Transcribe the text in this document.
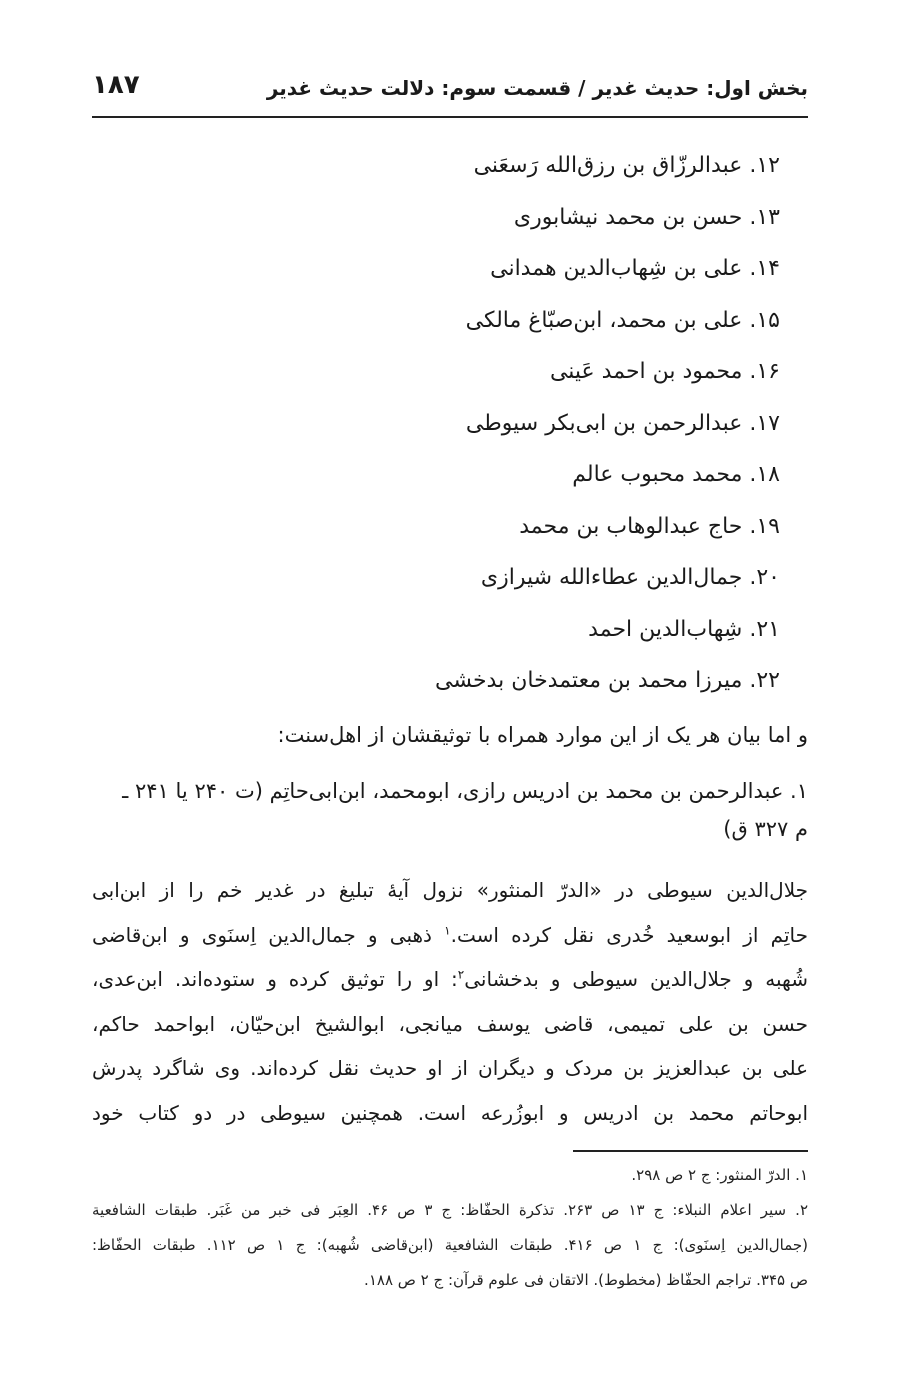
بخش اول: حدیث غدیر / قسمت سوم: دلالت حدیث غدیر
۱۸۷
۱۲. عبدالرزّاق بن رزق‌الله رَسعَنی
۱۳. حسن بن محمد نیشابوری
۱۴. علی بن شِهاب‌الدین همدانی
۱۵. علی بن محمد، ابن‌صبّاغ مالکی
۱۶. محمود بن احمد عَینی
۱۷. عبدالرحمن بن ابی‌بکر سیوطی
۱۸. محمد محبوب عالم
۱۹. حاج عبدالوهاب بن محمد
۲۰. جمال‌الدین عطاءالله شیرازی
۲۱. شِهاب‌الدین احمد
۲۲. میرزا محمد بن معتمدخان بدخشی
و اما بیان هر یک از این موارد همراه با توثیقشان از اهل‌سنت:
۱. عبدالرحمن بن محمد بن ادریس رازی، ابومحمد، ابن‌ابی‌حاتِم (ت ۲۴۰ یا ۲۴۱ ـ
م ۳۲۷ ق)
جلال‌الدین سیوطی در «الدرّ المنثور» نزول آیهٔ تبلیغ در غدیر خم را از ابن‌ابی
حاتِم از ابوسعید خُدری نقل کرده است.$^۱$ ذهبی و جمال‌الدین اِسنَوی و ابن‌قاضی
شُهبه و جلال‌الدین سیوطی و بدخشانی$^۲$: او را توثیق کرده و ستوده‌اند. ابن‌عدی،
حسن بن علی تمیمی، قاضی یوسف میانجی، ابوالشیخ ابن‌حیّان، ابواحمد حاکم،
علی بن عبدالعزیز بن مردک و دیگران از او حدیث نقل کرده‌اند. وی شاگرد پدرش
ابوحاتم محمد بن ادریس و ابوزُرعه است. همچنین سیوطی در دو کتاب خود
۱. الدرّ المنثور: ج ۲ ص ۲۹۸.
۲. سیر اعلام النبلاء: ج ۱۳ ص ۲۶۳. تذکرة الحفّاظ: ج ۳ ص ۴۶. العِبَر فی خبر من غَبَر. طبقات الشافعیة
(جمال‌الدین اِسنَوی): ج ۱ ص ۴۱۶. طبقات الشافعیة (ابن‌قاضی شُهبه): ج ۱ ص ۱۱۲. طبقات الحفّاظ:
ص ۳۴۵. تراجم الحفّاظ (مخطوط). الاتقان فی علوم قرآن: ج ۲ ص ۱۸۸.
